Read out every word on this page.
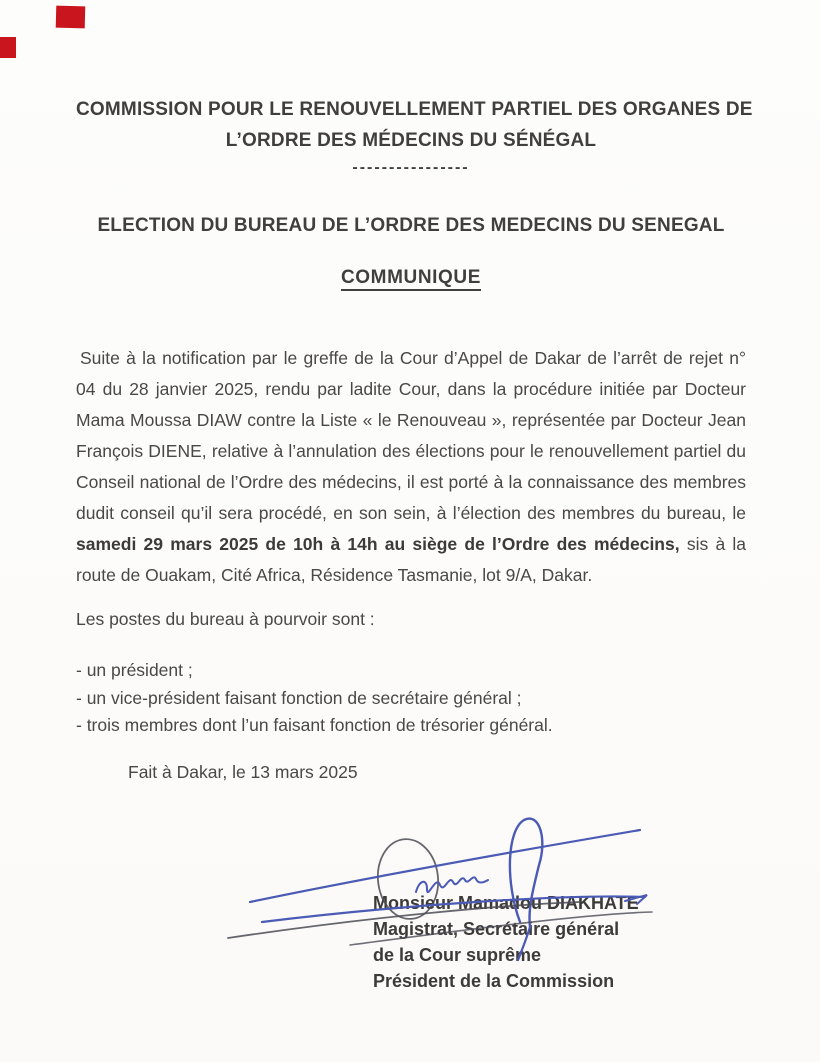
COMMISSION POUR LE RENOUVELLEMENT PARTIEL DES ORGANES DE
L’ORDRE DES MÉDECINS DU SÉNÉGAL
----------------
ELECTION DU BUREAU DE L’ORDRE DES MEDECINS DU SENEGAL
COMMUNIQUE

Suite à la notification par le greffe de la Cour d’Appel de Dakar de l’arrêt de rejet n° 04 du 28 janvier 2025, rendu par ladite Cour, dans la procédure initiée par Docteur Mama Moussa DIAW contre la Liste « le Renouveau », représentée par Docteur Jean François DIENE, relative à l’annulation des élections pour le renouvellement partiel du Conseil national de l’Ordre des médecins, il est porté à la connaissance des membres dudit conseil qu’il sera procédé, en son sein, à l’élection des membres du bureau, le samedi 29 mars 2025 de 10h à 14h au siège de l’Ordre des médecins, sis à la route de Ouakam, Cité Africa, Résidence Tasmanie, lot 9/A, Dakar.

Les postes du bureau à pourvoir sont :

- un président ;
- un vice-président faisant fonction de secrétaire général ;
- trois membres dont l’un faisant fonction de trésorier général.

Fait à Dakar, le 13 mars 2025

Monsieur Mamadou DIAKHATE
Magistrat, Secrétaire général
de la Cour suprême
Président de la Commission
